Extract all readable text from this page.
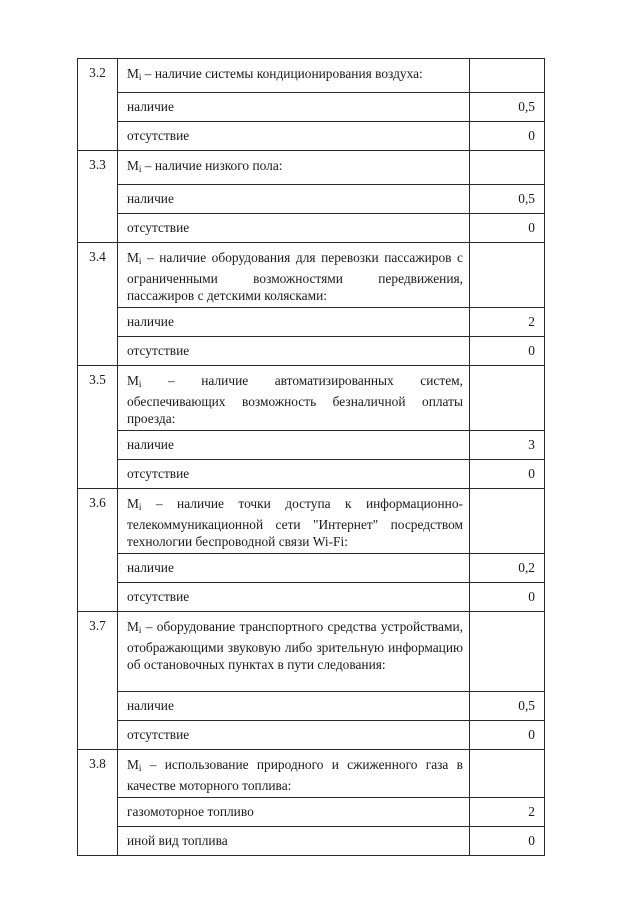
3.2	$M_i$ – наличие системы кондиционирования воздуха:	
	наличие	0,5
	отсутствие	0
3.3	$M_i$ – наличие низкого пола:	
	наличие	0,5
	отсутствие	0
3.4	$M_i$ – наличие оборудования для перевозки пассажиров с ограниченными возможностями передвижения, пассажиров с детскими колясками:	
	наличие	2
	отсутствие	0
3.5	$M_i$ – наличие автоматизированных систем, обеспечивающих возможность безналичной оплаты проезда:	
	наличие	3
	отсутствие	0
3.6	$M_i$ – наличие точки доступа к информационно-телекоммуникационной сети "Интернет" посредством технологии беспроводной связи Wi-Fi:	
	наличие	0,2
	отсутствие	0
3.7	$M_i$ – оборудование транспортного средства устройствами, отображающими звуковую либо зрительную информацию об остановочных пунктах в пути следования:	
	наличие	0,5
	отсутствие	0
3.8	$M_i$ – использование природного и сжиженного газа в качестве моторного топлива:	
	газомоторное топливо	2
	иной вид топлива	0
